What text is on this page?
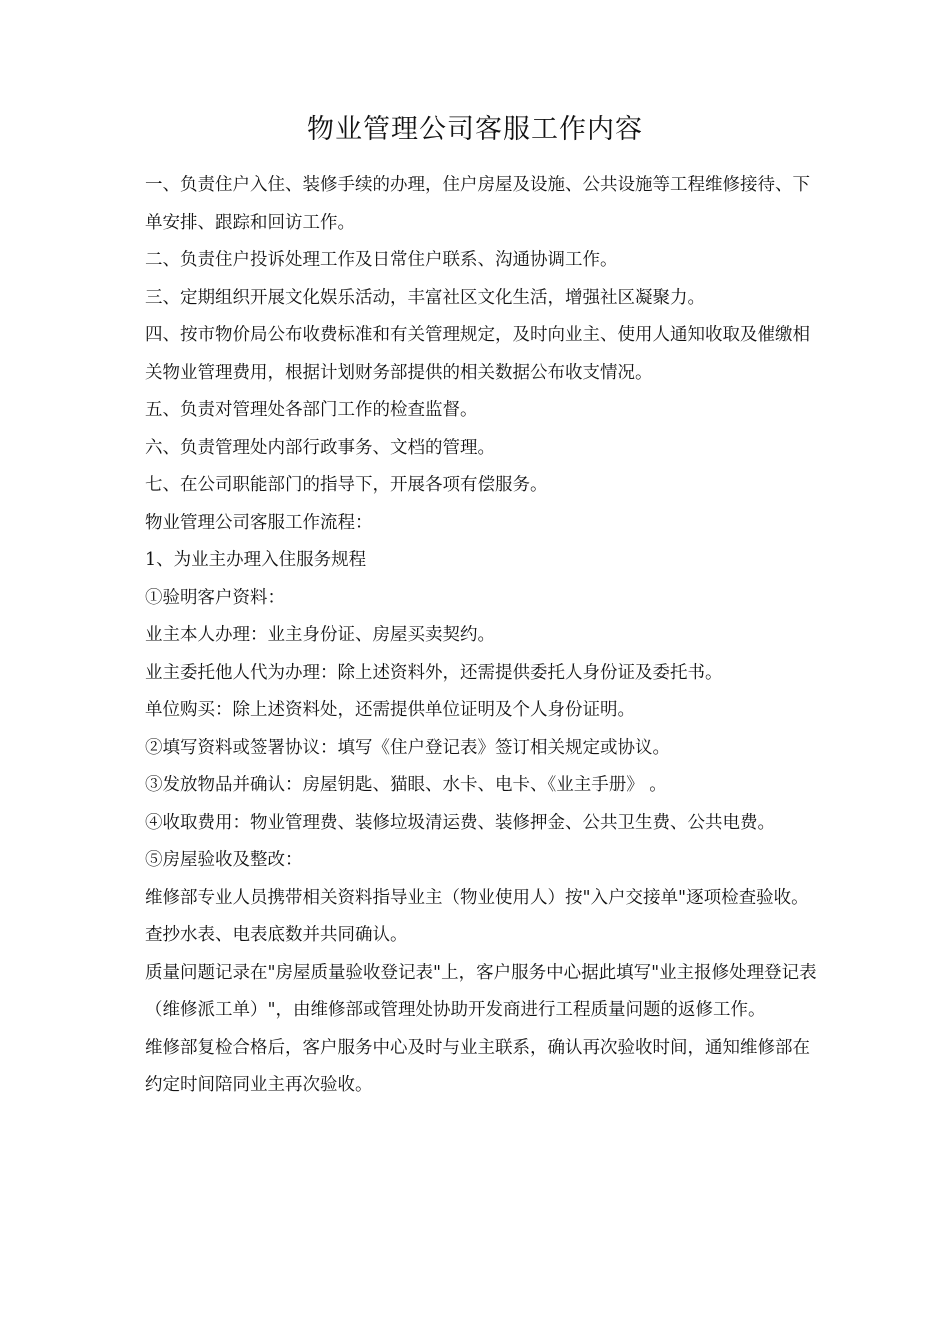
物业管理公司客服工作内容

一、负责住户入住、装修手续的办理，住户房屋及设施、公共设施等工程维修接待、下单安排、跟踪和回访工作。

二、负责住户投诉处理工作及日常住户联系、沟通协调工作。

三、定期组织开展文化娱乐活动，丰富社区文化生活，增强社区凝聚力。

四、按市物价局公布收费标准和有关管理规定，及时向业主、使用人通知收取及催缴相关物业管理费用，根据计划财务部提供的相关数据公布收支情况。

五、负责对管理处各部门工作的检查监督。

六、负责管理处内部行政事务、文档的管理。

七、在公司职能部门的指导下，开展各项有偿服务。

物业管理公司客服工作流程：

1、为业主办理入住服务规程

①验明客户资料：

业主本人办理：业主身份证、房屋买卖契约。

业主委托他人代为办理：除上述资料外，还需提供委托人身份证及委托书。

单位购买：除上述资料处，还需提供单位证明及个人身份证明。

②填写资料或签署协议：填写《住户登记表》签订相关规定或协议。

③发放物品并确认：房屋钥匙、猫眼、水卡、电卡、《业主手册》 。

④收取费用：物业管理费、装修垃圾清运费、装修押金、公共卫生费、公共电费。

⑤房屋验收及整改：

维修部专业人员携带相关资料指导业主（物业使用人）按"入户交接单"逐项检查验收。

查抄水表、电表底数并共同确认。

质量问题记录在"房屋质量验收登记表"上，客户服务中心据此填写"业主报修处理登记表（维修派工单）"，由维修部或管理处协助开发商进行工程质量问题的返修工作。

维修部复检合格后，客户服务中心及时与业主联系，确认再次验收时间，通知维修部在约定时间陪同业主再次验收。
